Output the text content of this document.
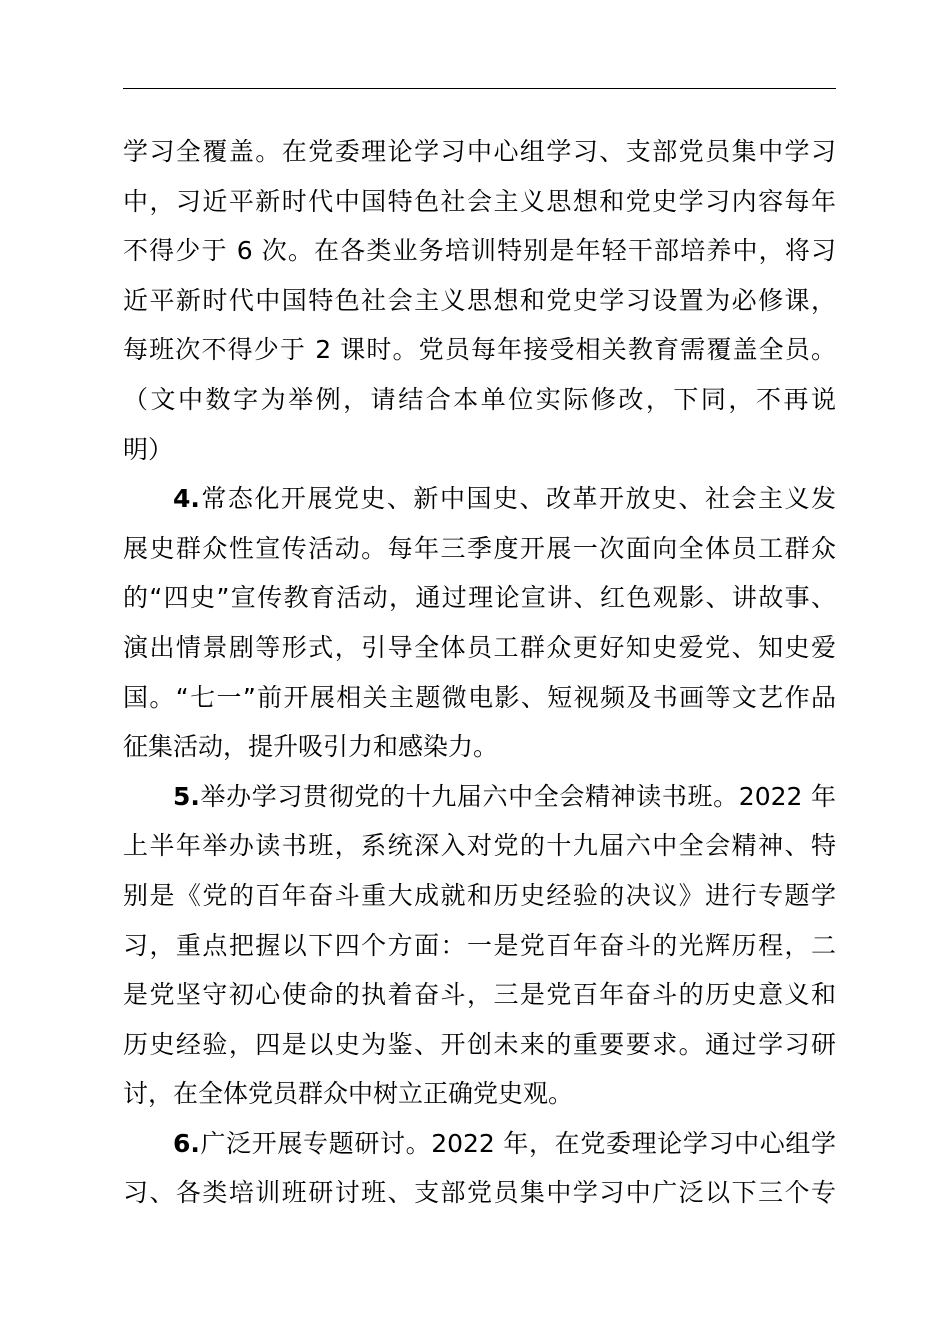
学习全覆盖。在党委理论学习中心组学习、支部党员集中学习
中，习近平新时代中国特色社会主义思想和党史学习内容每年
不得少于 6 次。在各类业务培训特别是年轻干部培养中，将习
近平新时代中国特色社会主义思想和党史学习设置为必修课，
每班次不得少于 2 课时。党员每年接受相关教育需覆盖全员。
（文中数字为举例，请结合本单位实际修改，下同，不再说
明）
4.常态化开展党史、新中国史、改革开放史、社会主义发
展史群众性宣传活动。每年三季度开展一次面向全体员工群众
的“四史”宣传教育活动，通过理论宣讲、红色观影、讲故事、
演出情景剧等形式，引导全体员工群众更好知史爱党、知史爱
国。“七一”前开展相关主题微电影、短视频及书画等文艺作品
征集活动，提升吸引力和感染力。
5.举办学习贯彻党的十九届六中全会精神读书班。2022 年
上半年举办读书班，系统深入对党的十九届六中全会精神、特
别是《党的百年奋斗重大成就和历史经验的决议》进行专题学
习，重点把握以下四个方面：一是党百年奋斗的光辉历程，二
是党坚守初心使命的执着奋斗，三是党百年奋斗的历史意义和
历史经验，四是以史为鉴、开创未来的重要要求。通过学习研
讨，在全体党员群众中树立正确党史观。
6.广泛开展专题研讨。2022 年，在党委理论学习中心组学
习、各类培训班研讨班、支部党员集中学习中广泛以下三个专
